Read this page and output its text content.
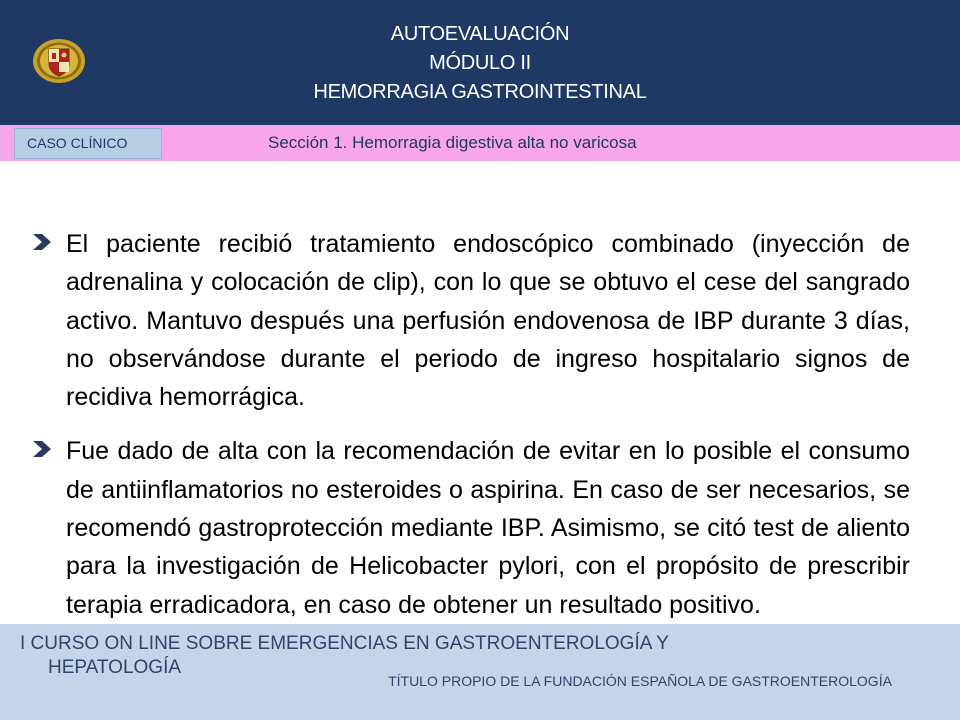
AUTOEVALUACIÓN
MÓDULO II
HEMORRAGIA GASTROINTESTINAL
CASO CLÍNICO	Sección 1. Hemorragia digestiva alta no varicosa
El paciente recibió tratamiento endoscópico combinado (inyección de adrenalina y colocación de clip), con lo que se obtuvo el cese del sangrado activo. Mantuvo después una perfusión endovenosa de IBP durante 3 días, no observándose durante el periodo de ingreso hospitalario signos de recidiva hemorrágica.
Fue dado de alta con la recomendación de evitar en lo posible el consumo de antiinflamatorios no esteroides o aspirina. En caso de ser necesarios, se recomendó gastroprotección mediante IBP. Asimismo, se citó test de aliento para la investigación de Helicobacter pylori, con el propósito de prescribir terapia erradicadora, en caso de obtener un resultado positivo.
I CURSO ON LINE SOBRE EMERGENCIAS EN GASTROENTEROLOGÍA Y
HEPATOLOGÍA
TÍTULO PROPIO DE LA FUNDACIÓN ESPAÑOLA DE GASTROENTEROLOGÍA
